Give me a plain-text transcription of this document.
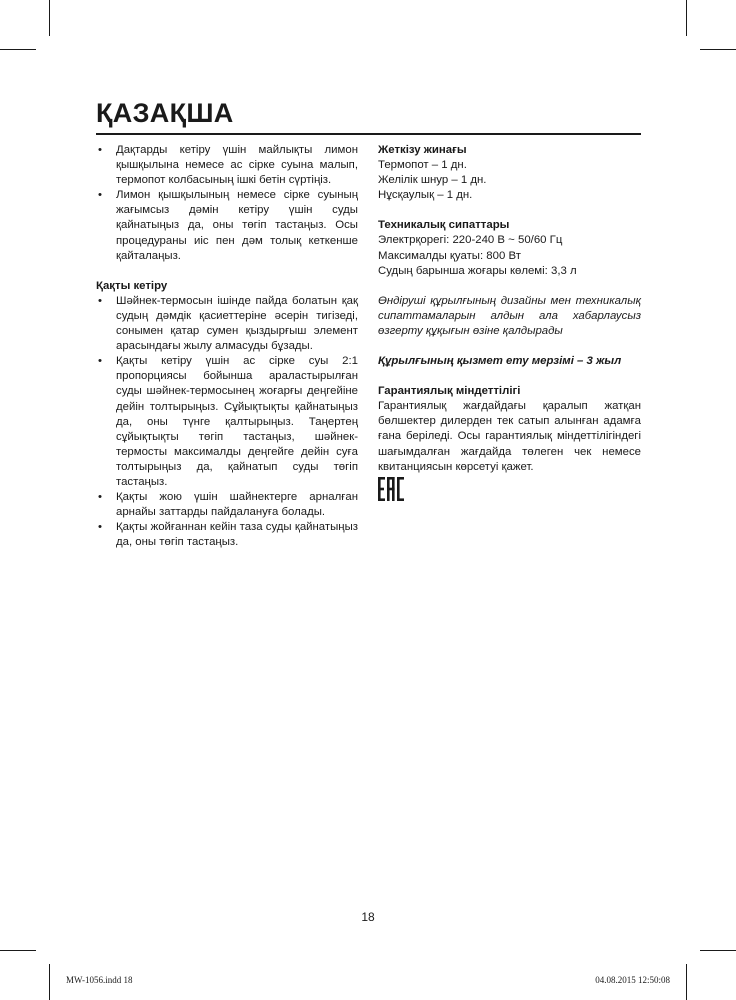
ҚАЗАҚША
• Дақтарды кетіру үшін майлықты лимон қышқылына немесе ас сірке суына малып, термопот колбасының ішкі бетін сүртіңіз.
• Лимон қышқылының немесе сірке суының жағымсыз дәмін кетіру үшін суды қайнатыңыз да, оны төгіп тастаңыз. Осы процедураны иіс пен дәм толық кеткенше қайталаңыз.
Қақты кетіру
• Шәйнек-термосын ішінде пайда болатын қақ судың дәмдік қасиеттеріне әсерін тигізеді, сонымен қатар сумен қыздырғыш элемент арасындағы жылу алмасуды бұзады.
• Қақты кетіру үшін ас сірке суы 2:1 пропорциясы бойынша араластырылған суды шәйнек-термосынең жоғарғы деңгейіне дейін толтырыңыз. Сұйықтықты қайнатыңыз да, оны түнге қалтырыңыз. Таңертең сұйықтықты төгіп тастаңыз, шәйнек-термосты максималды деңгейге дейін суға толтырыңыз да, қайнатып суды төгіп тастаңыз.
• Қақты жою үшін шайнектерге арналған арнайы заттарды пайдалануға болады.
• Қақты жойғаннан кейін таза суды қайнатыңыз да, оны төгіп тастаңыз.
Жеткізу жинағы
Термопот – 1 дн.
Желілік шнур – 1 дн.
Нұсқаулық – 1 дн.
Техникалық сипаттары
Электрқорегі: 220-240 В ~ 50/60 Гц
Максималды қуаты: 800 Вт
Судың барынша жоғары көлемі: 3,3 л

Өндіруші құрылғының дизайны мен техникалық сипаттамаларын алдын ала хабарлаусыз өзгерту құқығын өзіне қалдырады

Құрылғының қызмет ету мерзімі – 3 жыл
Гарантиялық міндеттілігі

Гарантиялық жағдайдағы қаралып жатқан бөлшектер дилерден тек сатып алынған адамға ғана беріледі. Осы гарантиялық міндеттілігіндегі шағымдалған жағдайда төлеген чек немесе квитанциясын көрсетуі қажет.

18
MW-1056.indd 18	04.08.2015 12:50:08
